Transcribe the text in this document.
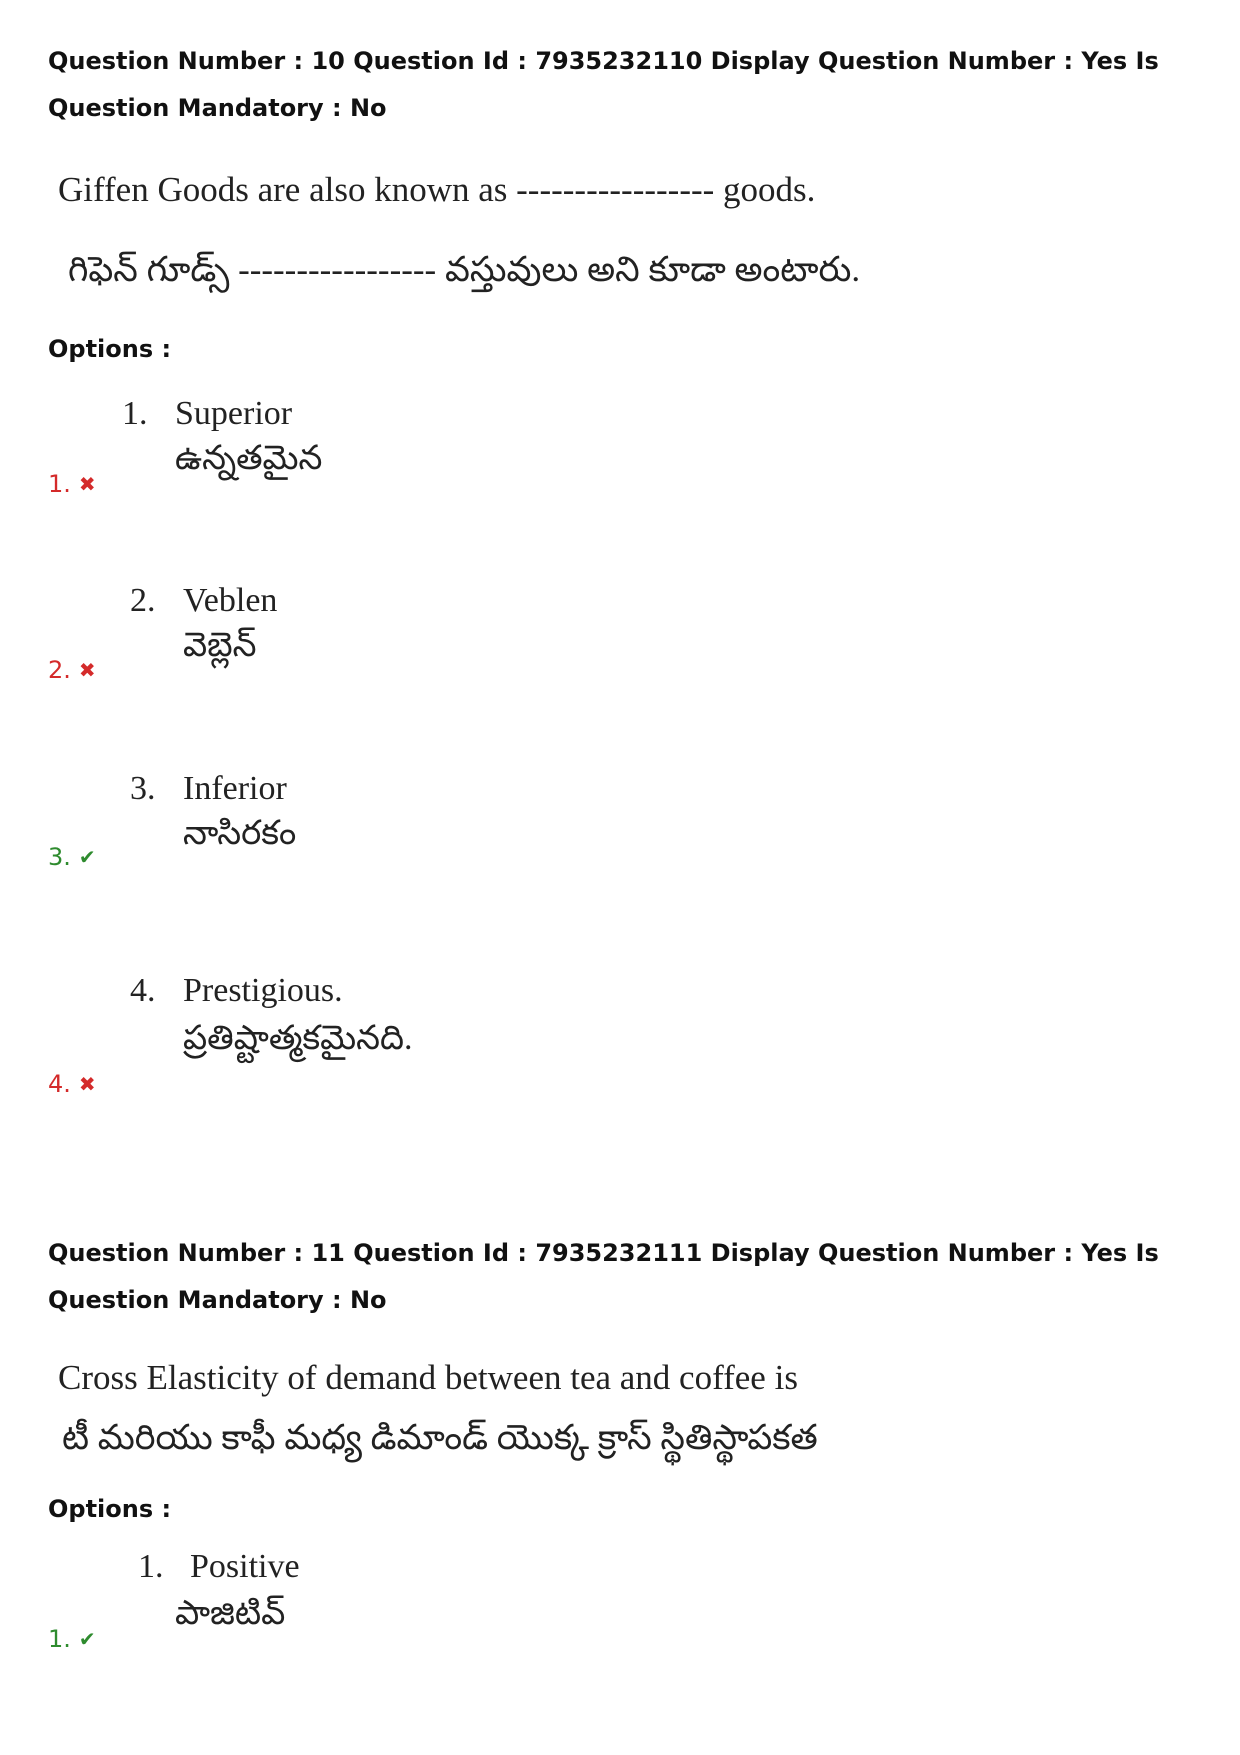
Question Number : 10 Question Id : 7935232110 Display Question Number : Yes Is Question Mandatory : No
Giffen Goods are also known as ----------------- goods.
గిఫెన్ గూడ్స్ ----------------- వస్తువులు అని కూడా అంటారు.
Options :
1. Superior
ఉన్నతమైన
1. ✖
2. Veblen
వెబ్లెన్
2. ✖
3. Inferior
నాసిరకం
3. ✔
4. Prestigious.
ప్రతిష్టాత్మకమైనది.
4. ✖
Question Number : 11 Question Id : 7935232111 Display Question Number : Yes Is Question Mandatory : No
Cross Elasticity of demand between tea and coffee is
టీ మరియు కాఫీ మధ్య డిమాండ్ యొక్క క్రాస్ స్థితిస్థాపకత
Options :
1. Positive
పాజిటివ్
1. ✔
